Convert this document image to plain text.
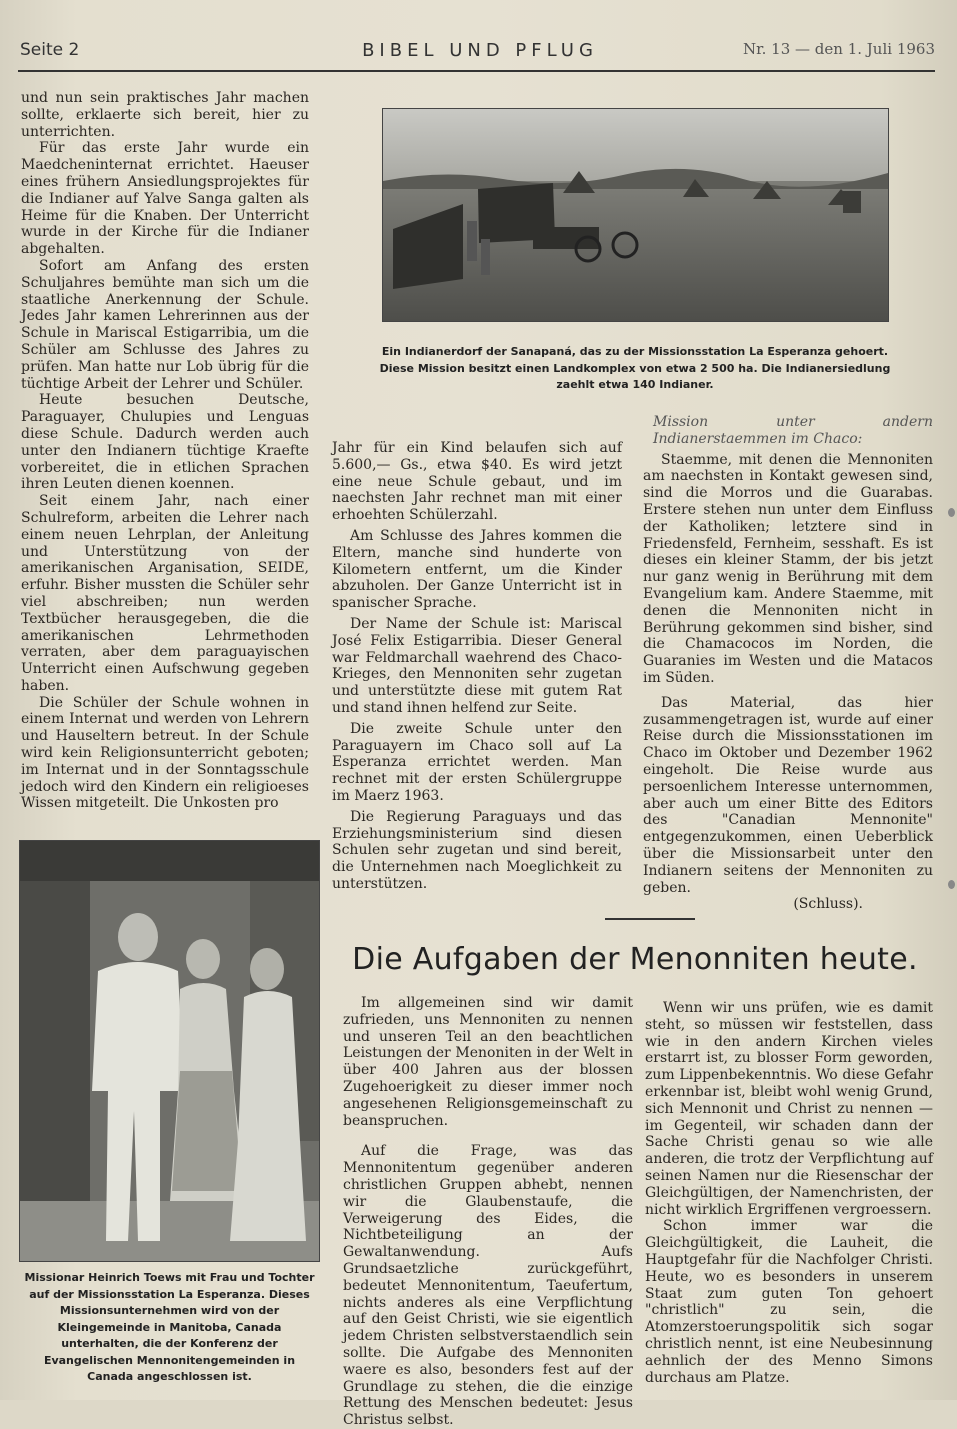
Seite 2	BIBEL UND PFLUG	Nr. 13 — den 1. Juli 1963

und nun sein praktisches Jahr machen sollte, erklaerte sich bereit, hier zu unterrichten.

Für das erste Jahr wurde ein Maedcheninternat errichtet. Haeuser eines frühern Ansiedlungsprojektes für die Indianer auf Yalve Sanga galten als Heime für die Knaben. Der Unterricht wurde in der Kirche für die Indianer abgehalten.

Sofort am Anfang des ersten Schuljahres bemühte man sich um die staatliche Anerkennung der Schule. Jedes Jahr kamen Lehrerinnen aus der Schule in Mariscal Estigarribia, um die Schüler am Schlusse des Jahres zu prüfen. Man hatte nur Lob übrig für die tüchtige Arbeit der Lehrer und Schüler.

Heute besuchen Deutsche, Paraguayer, Chulupies und Lenguas diese Schule. Dadurch werden auch unter den Indianern tüchtige Kraefte vorbereitet, die in etlichen Sprachen ihren Leuten dienen koennen.

Seit einem Jahr, nach einer Schulreform, arbeiten die Lehrer nach einem neuen Lehrplan, der Anleitung und Unterstützung von der amerikanischen Arganisation, SEIDE, erfuhr. Bisher mussten die Schüler sehr viel abschreiben; nun werden Textbücher herausgegeben, die die amerikanischen Lehrmethoden verraten, aber dem paraguayischen Unterricht einen Aufschwung gegeben haben.

Die Schüler der Schule wohnen in einem Internat und werden von Lehrern und Hauseltern betreut. In der Schule wird kein Religionsunterricht geboten; im Internat und in der Sonntagsschule jedoch wird den Kindern ein religioeses Wissen mitgeteilt. Die Unkosten pro

Ein Indianerdorf der Sanapaná, das zu der Missionsstation La Esperanza gehoert. Diese Mission besitzt einen Landkomplex von etwa 2 500 ha. Die Indianersiedlung zaehlt etwa 140 Indianer.

Jahr für ein Kind belaufen sich auf 5.600,— Gs., etwa $40. Es wird jetzt eine neue Schule gebaut, und im naechsten Jahr rechnet man mit einer erhoehten Schülerzahl.

Am Schlusse des Jahres kommen die Eltern, manche sind hunderte von Kilometern entfernt, um die Kinder abzuholen. Der Ganze Unterricht ist in spanischer Sprache.

Der Name der Schule ist: Mariscal José Felix Estigarribia. Dieser General war Feldmarchall waehrend des Chaco-Krieges, den Mennoniten sehr zugetan und unterstützte diese mit gutem Rat und stand ihnen helfend zur Seite.

Die zweite Schule unter den Paraguayern im Chaco soll auf La Esperanza errichtet werden. Man rechnet mit der ersten Schülergruppe im Maerz 1963.

Die Regierung Paraguays und das Erziehungsministerium sind diesen Schulen sehr zugetan und sind bereit, die Unternehmen nach Moeglichkeit zu unterstützen.

Mission unter andern Indianerstaemmen im Chaco:

Staemme, mit denen die Mennoniten am naechsten in Kontakt gewesen sind, sind die Morros und die Guarabas. Erstere stehen nun unter dem Einfluss der Katholiken; letztere sind in Friedensfeld, Fernheim, sesshaft. Es ist dieses ein kleiner Stamm, der bis jetzt nur ganz wenig in Berührung mit dem Evangelium kam. Andere Staemme, mit denen die Mennoniten nicht in Berührung gekommen sind bisher, sind die Chamacocos im Norden, die Guaranies im Westen und die Matacos im Süden.

Das Material, das hier zusammengetragen ist, wurde auf einer Reise durch die Missionsstationen im Chaco im Oktober und Dezember 1962 eingeholt. Die Reise wurde aus persoenlichem Interesse unternommen, aber auch um einer Bitte des Editors des "Canadian Mennonite" entgegenzukommen, einen Ueberblick über die Missionsarbeit unter den Indianern seitens der Mennoniten zu geben.

(Schluss).

Missionar Heinrich Toews mit Frau und Tochter auf der Missionsstation La Esperanza. Dieses Missionsunternehmen wird von der Kleingemeinde in Manitoba, Canada unterhalten, die der Konferenz der Evangelischen Mennonitengemeinden in Canada angeschlossen ist.
Die Aufgaben der Menonniten heute.

Im allgemeinen sind wir damit zufrieden, uns Mennoniten zu nennen und unseren Teil an den beachtlichen Leistungen der Menoniten in der Welt in über 400 Jahren aus der blossen Zugehoerigkeit zu dieser immer noch angesehenen Religionsgemeinschaft zu beanspruchen.

Auf die Frage, was das Mennonitentum gegenüber anderen christlichen Gruppen abhebt, nennen wir die Glaubenstaufe, die Verweigerung des Eides, die Nichtbeteiligung an der Gewaltanwendung. Aufs Grundsaetzliche zurückgeführt, bedeutet Mennonitentum, Taeufertum, nichts anderes als eine Verpflichtung auf den Geist Christi, wie sie eigentlich jedem Christen selbstverstaendlich sein sollte. Die Aufgabe des Mennoniten waere es also, besonders fest auf der Grundlage zu stehen, die die einzige Rettung des Menschen bedeutet: Jesus Christus selbst.

Wenn wir uns prüfen, wie es damit steht, so müssen wir feststellen, dass wie in den andern Kirchen vieles erstarrt ist, zu blosser Form geworden, zum Lippenbekenntnis. Wo diese Gefahr erkennbar ist, bleibt wohl wenig Grund, sich Mennonit und Christ zu nennen — im Gegenteil, wir schaden dann der Sache Christi genau so wie alle anderen, die trotz der Verpflichtung auf seinen Namen nur die Riesenschar der Gleichgültigen, der Namenchristen, der nicht wirklich Ergriffenen vergroessern.

Schon immer war die Gleichgültigkeit, die Lauheit, die Hauptgefahr für die Nachfolger Christi. Heute, wo es besonders in unserem Staat zum guten Ton gehoert "christlich" zu sein, die Atomzerstoerungspolitik sich sogar christlich nennt, ist eine Neubesinnung aehnlich der des Menno Simons durchaus am Platze.
